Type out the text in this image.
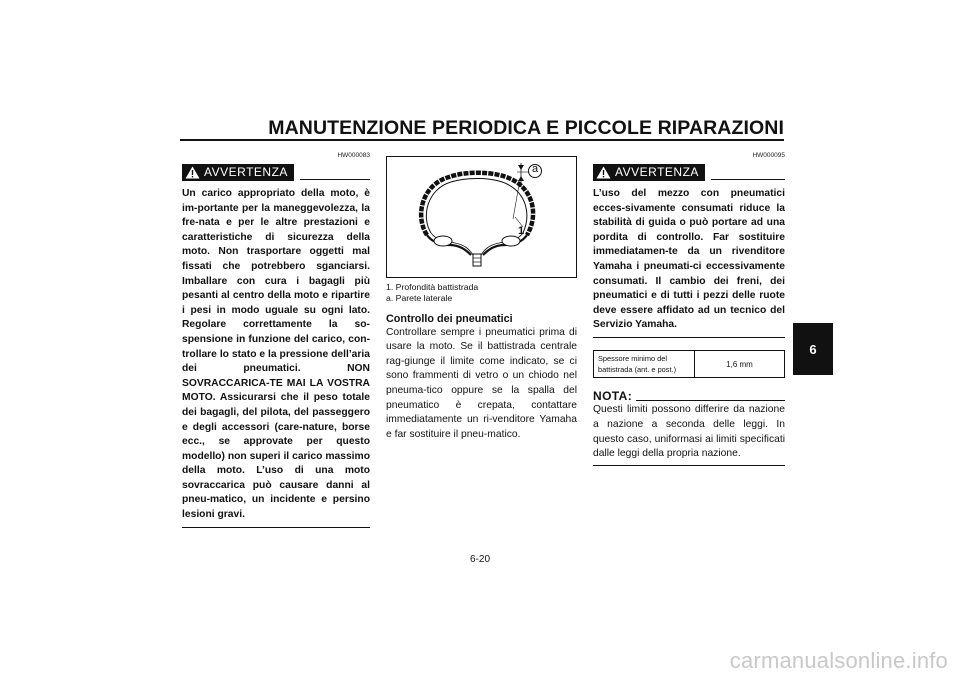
MANUTENZIONE PERIODICA E PICCOLE RIPARAZIONI
HW000083
AVVERTENZA

Un carico appropriato della moto, è im-portante per la maneggevolezza, la fre-nata e per le altre prestazioni e caratteristiche di sicurezza della moto. Non trasportare oggetti mal fissati che potrebbero sganciarsi. Imballare con cura i bagagli più pesanti al centro della moto e ripartire i pesi in modo uguale su ogni lato. Regolare correttamente la so-spensione in funzione del carico, con-trollare lo stato e la pressione dell’aria dei pneumatici. NON SOVRACCARICA-TE MAI LA VOSTRA MOTO. Assicurarsi che il peso totale dei bagagli, del pilota, del passeggero e degli accessori (care-nature, borse ecc., se approvate per questo modello) non superi il carico massimo della moto. L’uso di una moto sovraccarica può causare danni al pneu-matico, un incidente e persino lesioni gravi.

a
1
1. Profondità battistrada
a. Parete laterale
Controllo dei pneumatici

Controllare sempre i pneumatici prima di usare la moto. Se il battistrada centrale rag-giunge il limite come indicato, se ci sono frammenti di vetro o un chiodo nel pneuma-tico oppure se la spalla del pneumatico è crepata, contattare immediatamente un ri-venditore Yamaha e far sostituire il pneu-matico.

HW000095
AVVERTENZA

L’uso del mezzo con pneumatici ecces-sivamente consumati riduce la stabilità di guida o può portare ad una pordita di controllo. Far sostituire immediatamen-te da un rivenditore Yamaha i pneumati-ci eccessivamente consumati. Il cambio dei freni, dei pneumatici e di tutti i pezzi delle ruote deve essere affidato ad un tecnico del Servizio Yamaha.

Spessore minimo del battistrada (ant. e post.)	1,6 mm
NOTA:

Questi limiti possono differire da nazione a nazione a seconda delle leggi. In questo caso, uniformasi ai limiti specificati dalle leggi della propria nazione.

6
6-20
carmanualsonline.info
